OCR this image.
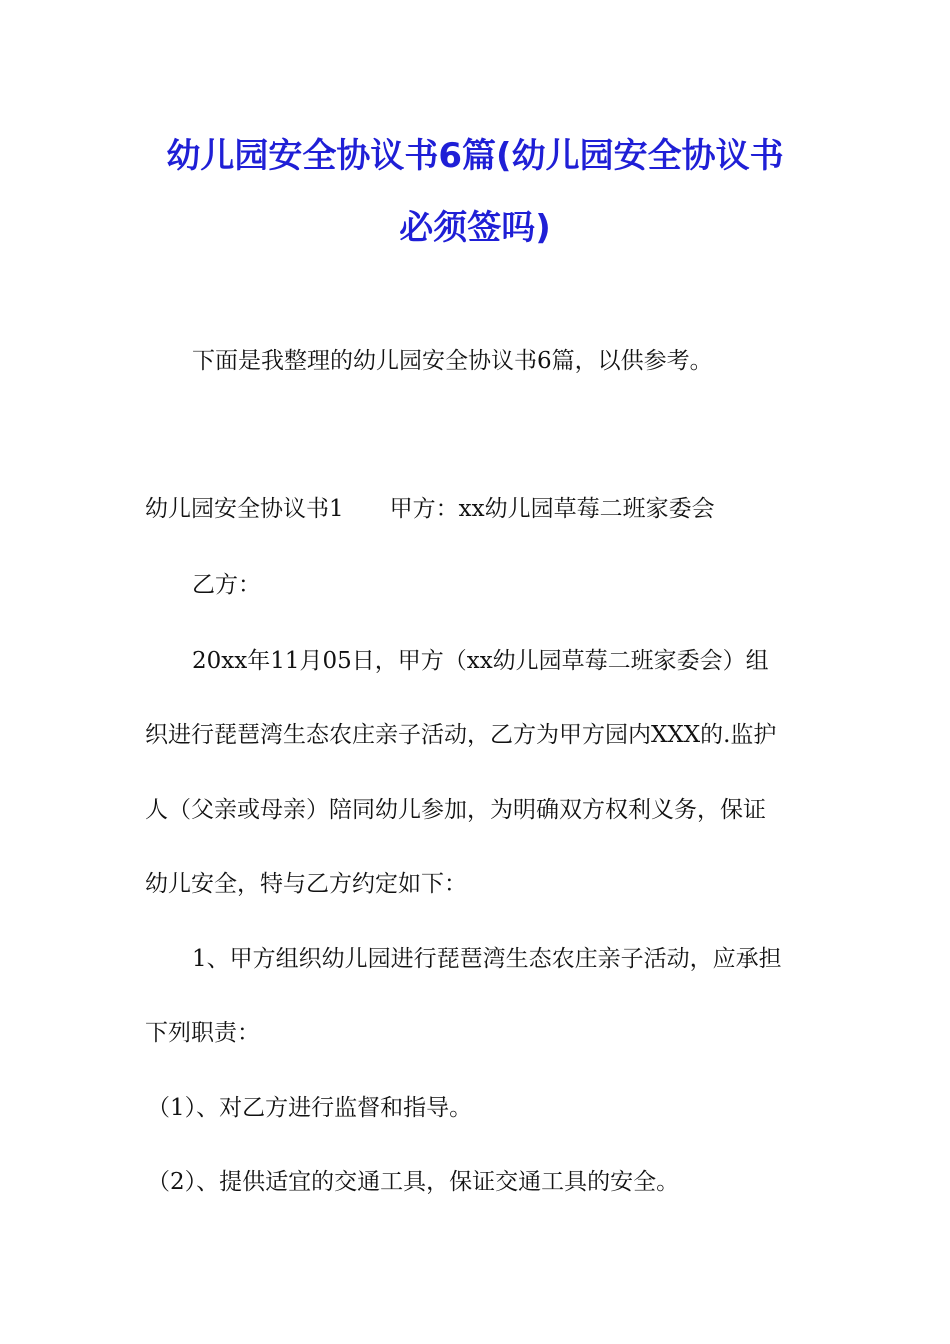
幼儿园安全协议书6篇(幼儿园安全协议书
必须签吗)

下面是我整理的幼儿园安全协议书6篇，以供参考。

幼儿园安全协议书1　　甲方：xx幼儿园草莓二班家委会

乙方：

20xx年11月05日，甲方（xx幼儿园草莓二班家委会）组

织进行琵琶湾生态农庄亲子活动，乙方为甲方园内XXX的.监护

人（父亲或母亲）陪同幼儿参加，为明确双方权利义务，保证

幼儿安全，特与乙方约定如下：

1、甲方组织幼儿园进行琵琶湾生态农庄亲子活动，应承担

下列职责：

（1）、对乙方进行监督和指导。

（2）、提供适宜的交通工具，保证交通工具的安全。
